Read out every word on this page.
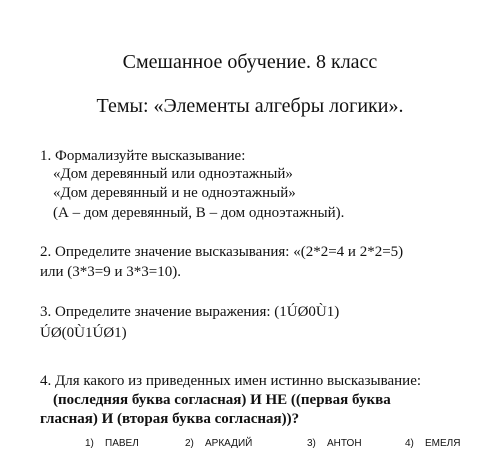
Смешанное обучение. 8 класс
Темы: «Элементы алгебры логики».
1. Формализуйте высказывание:
«Дом деревянный или одноэтажный»
«Дом деревянный и не одноэтажный»
(А – дом деревянный, В – дом одноэтажный).
2. Определите значение высказывания: «(2*2=4 и 2*2=5)
или (3*3=9 и 3*3=10).
3. Определите значение выражения: (1ÚØ0Ù1)
ÚØ(0Ù1ÚØ1)
4. Для какого из приведенных имен истинно высказывание:
(последняя буква согласная) И НЕ ((первая буква
гласная) И (вторая буква согласная))?
1) ПАВЕЛ	2) АРКАДИЙ	3) АНТОН	4) ЕМЕЛЯ
